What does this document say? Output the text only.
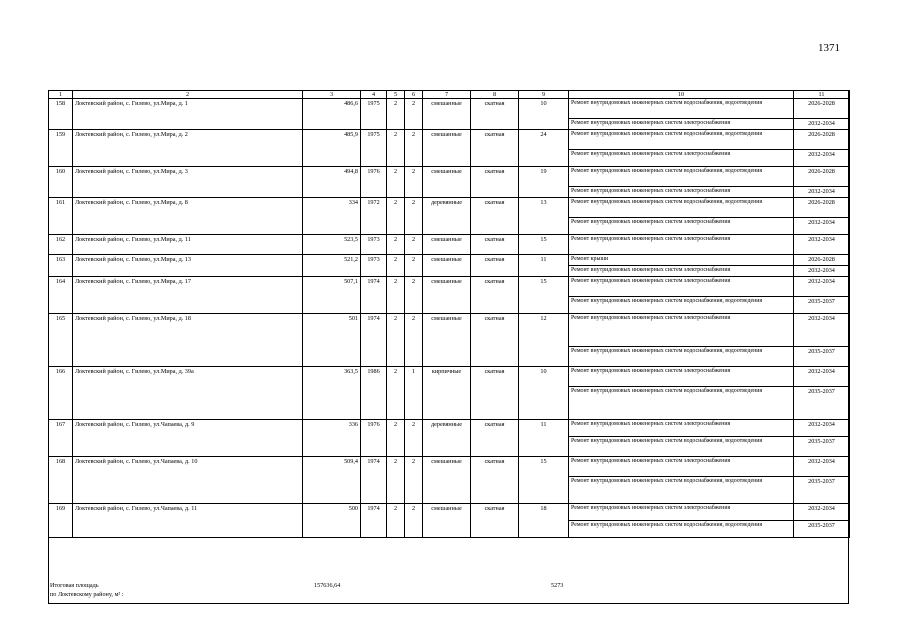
1371
1	2	3	4	5	6	7	8	9	10	11
158	Локтевский район, с. Гилево, ул.Мира, д. 1	486,6	1975	2	2	смешанные	скатная	10	Ремонт внутридомовых инженерных систем водоснабжения, водоотведения	2026-2028
									Ремонт внутридомовых инженерных систем электроснабжения	2032-2034
159	Локтевский район, с. Гилево, ул.Мира, д. 2	485,9	1975	2	2	смешанные	скатная	24	Ремонт внутридомовых инженерных систем водоснабжения, водоотведения	2026-2028
									Ремонт внутридомовых инженерных систем электроснабжения	2032-2034
160	Локтевский район, с. Гилево, ул.Мира, д. 3	494,8	1976	2	2	смешанные	скатная	19	Ремонт внутридомовых инженерных систем водоснабжения, водоотведения	2026-2028
									Ремонт внутридомовых инженерных систем электроснабжения	2032-2034
161	Локтевский район, с. Гилево, ул.Мира, д. 8	334	1972	2	2	деревянные	скатная	13	Ремонт внутридомовых инженерных систем водоснабжения, водоотведения	2026-2028
									Ремонт внутридомовых инженерных систем электроснабжения	2032-2034
162	Локтевский район, с. Гилево, ул.Мира, д. 11	523,5	1973	2	2	смешанные	скатная	15	Ремонт внутридомовых инженерных систем электроснабжения	2032-2034
163	Локтевский район, с. Гилево, ул.Мира, д. 13	521,2	1973	2	2	смешанные	скатная	11	Ремонт крыши	2026-2028
									Ремонт внутридомовых инженерных систем электроснабжения	2032-2034
164	Локтевский район, с. Гилево, ул.Мира, д. 17	507,1	1974	2	2	смешанные	скатная	15	Ремонт внутридомовых инженерных систем электроснабжения	2032-2034
									Ремонт внутридомовых инженерных систем водоснабжения, водоотведения	2035-2037
165	Локтевский район, с. Гилево, ул.Мира, д. 18	501	1974	2	2	смешанные	скатная	12	Ремонт внутридомовых инженерных систем электроснабжения	2032-2034
									Ремонт внутридомовых инженерных систем водоснабжения, водоотведения	2035-2037
166	Локтевский район, с. Гилево, ул.Мира, д. 39а	363,5	1986	2	1	кирпичные	скатная	10	Ремонт внутридомовых инженерных систем электроснабжения	2032-2034
									Ремонт внутридомовых инженерных систем водоснабжения, водоотведения	2035-2037
167	Локтевский район, с. Гилево, ул.Чапаева, д. 9	336	1976	2	2	деревянные	скатная	11	Ремонт внутридомовых инженерных систем электроснабжения	2032-2034
									Ремонт внутридомовых инженерных систем водоснабжения, водоотведения	2035-2037
168	Локтевский район, с. Гилево, ул.Чапаева, д. 10	509,4	1974	2	2	смешанные	скатная	15	Ремонт внутридомовых инженерных систем электроснабжения	2032-2034
									Ремонт внутридомовых инженерных систем водоснабжения, водоотведения	2035-2037
169	Локтевский район, с. Гилево, ул.Чапаева, д. 11	500	1974	2	2	смешанные	скатная	18	Ремонт внутридомовых инженерных систем электроснабжения	2032-2034
									Ремонт внутридомовых инженерных систем водоснабжения, водоотведения	2035-2037
Итоговая площадь
по Локтевскому району, м² :
157636,64	5273
